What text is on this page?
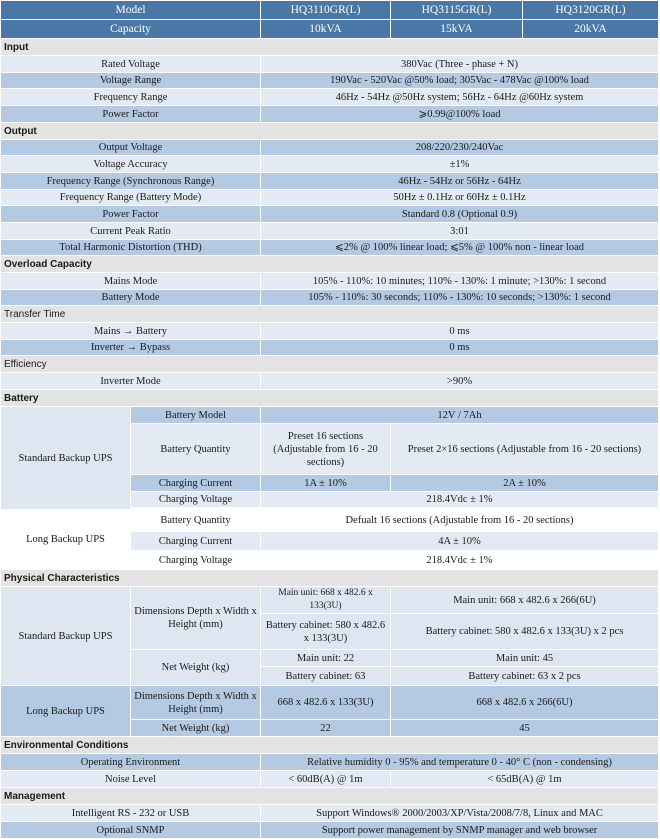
Model		HQ3110GR(L)	HQ3115GR(L)	HQ3120GR(L)
Capacity		10kVA	15kVA	20kVA
Input				
Rated Voltage		380Vac (Three - phase + N)		
Voltage Range		190Vac - 520Vac @50% load; 305Vac - 478Vac @100% load		
Frequency Range		46Hz - 54Hz @50Hz system; 56Hz - 64Hz @60Hz system		
Power Factor		⩾0.99@100% load		
Output				
Output Voltage		208/220/230/240Vac		
Voltage Accuracy		±1%		
Frequency Range (Synchronous Range)		46Hz - 54Hz or 56Hz - 64Hz		
Frequency Range (Battery Mode)		50Hz ± 0.1Hz or 60Hz ± 0.1Hz		
Power Factor		Standard 0.8 (Optional 0.9)		
Current Peak Ratio		3:01		
Total Harmonic Distortion (THD)		⩽2% @ 100% linear load; ⩽5% @ 100% non - linear load		
Overload Capacity				
Mains Mode		105% - 110%: 10 minutes; 110% - 130%: 1 minute; >130%: 1 second		
Battery Mode		105% - 110%: 30 seconds; 110% - 130%: 10 seconds; >130%: 1 second		
Transfer Time				
Mains → Battery		0 ms		
Inverter → Bypass		0 ms		
Efficiency				
Inverter Mode		>90%		
Battery				
Standard Backup UPS	Battery Model	12V / 7Ah		
	Battery Quantity	Preset 16 sections (Adjustable from 16 - 20 sections)	Preset 2×16 sections (Adjustable from 16 - 20 sections)	
	Charging Current	1A ± 10%	2A ± 10%	
	Charging Voltage	218.4Vdc ± 1%		

Long Backup UPS	Battery Quantity	Defualt 16 sections (Adjustable from 16 - 20 sections)		
	Charging Current	4A ± 10%		
	Charging Voltage	218.4Vdc ± 1%		
Physical Characteristics				
Standard Backup UPS	Dimensions Depth x Width x Height (mm)	Main unit: 668 x 482.6 x 133(3U)	Main unit: 668 x 482.6 x 266(6U)	
		Battery cabinet: 580 x 482.6 x 133(3U)	Battery cabinet: 580 x 482.6 x 133(3U) x 2 pcs	
	Net Weight (kg)	Main unit: 22	Main unit: 45	
		Battery cabinet: 63	Battery cabinet: 63 x 2 pcs	
Long Backup UPS	Dimensions Depth x Width x Height (mm)	668 x 482.6 x 133(3U)	668 x 482.6 x 266(6U)	
	Net Weight (kg)	22	45	
Environmental Conditions				
Operating Environment		Relative humidity 0 - 95% and temperature 0 - 40° C (non - condensing)		
Noise Level		< 60dB(A) @ 1m	< 65dB(A) @ 1m	
Management				
Intelligent RS - 232 or USB		Support Windows® 2000/2003/XP/Vista/2008/7/8, Linux and MAC		
Optional SNMP		Support power management by SNMP manager and web browser		
